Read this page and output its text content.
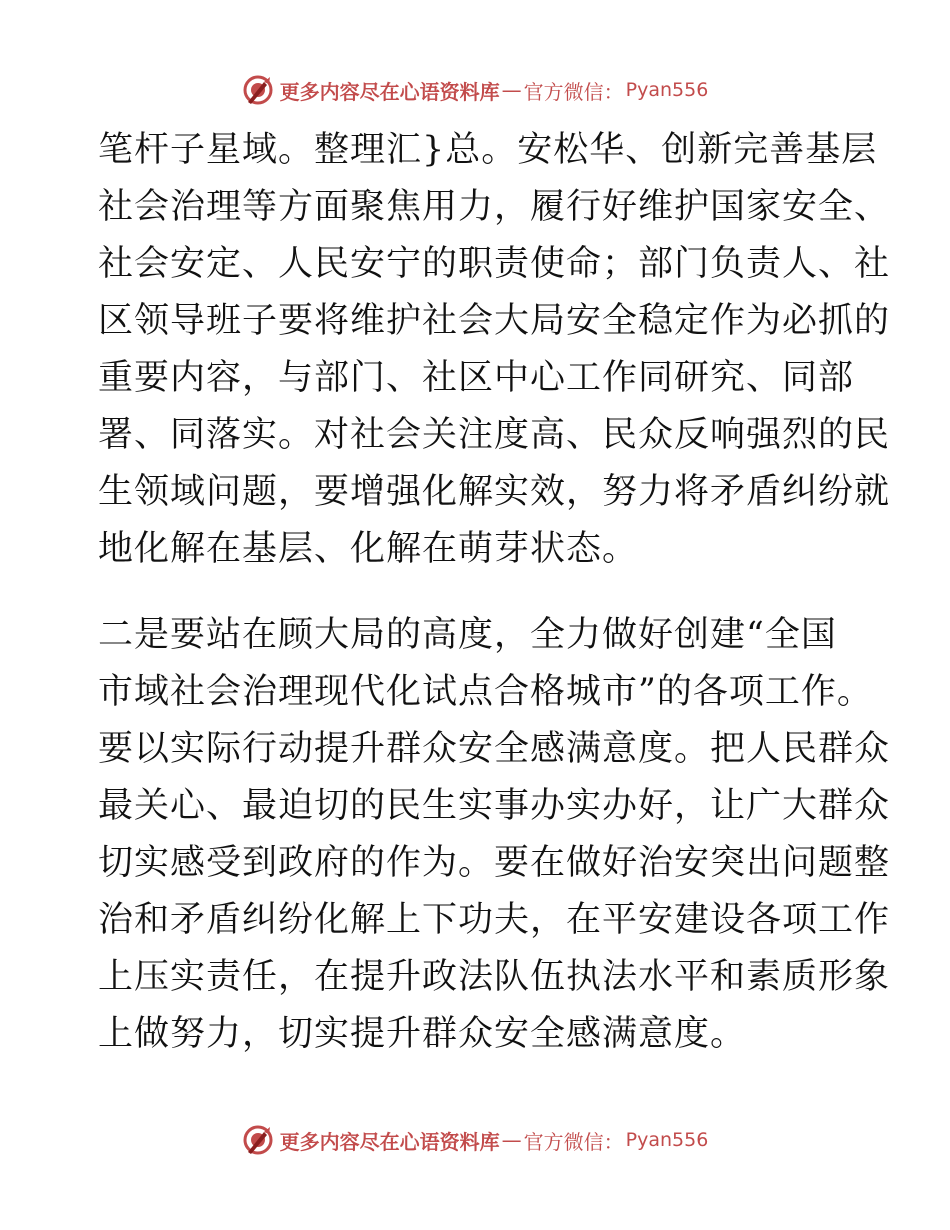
更多内容尽在心语资料库 — 官方微信： Pyan556
笔杆子星域。整理汇}总。安松华、创新完善基层
社会治理等方面聚焦用力，履行好维护国家安全、
社会安定、人民安宁的职责使命；部门负责人、社
区领导班子要将维护社会大局安全稳定作为必抓的
重要内容，与部门、社区中心工作同研究、同部
署、同落实。对社会关注度高、民众反响强烈的民
生领域问题，要增强化解实效，努力将矛盾纠纷就
地化解在基层、化解在萌芽状态。
二是要站在顾大局的高度，全力做好创建“全国
市域社会治理现代化试点合格城市”的各项工作。
要以实际行动提升群众安全感满意度。把人民群众
最关心、最迫切的民生实事办实办好，让广大群众
切实感受到政府的作为。要在做好治安突出问题整
治和矛盾纠纷化解上下功夫，在平安建设各项工作
上压实责任，在提升政法队伍执法水平和素质形象
上做努力，切实提升群众安全感满意度。
更多内容尽在心语资料库 — 官方微信： Pyan556
